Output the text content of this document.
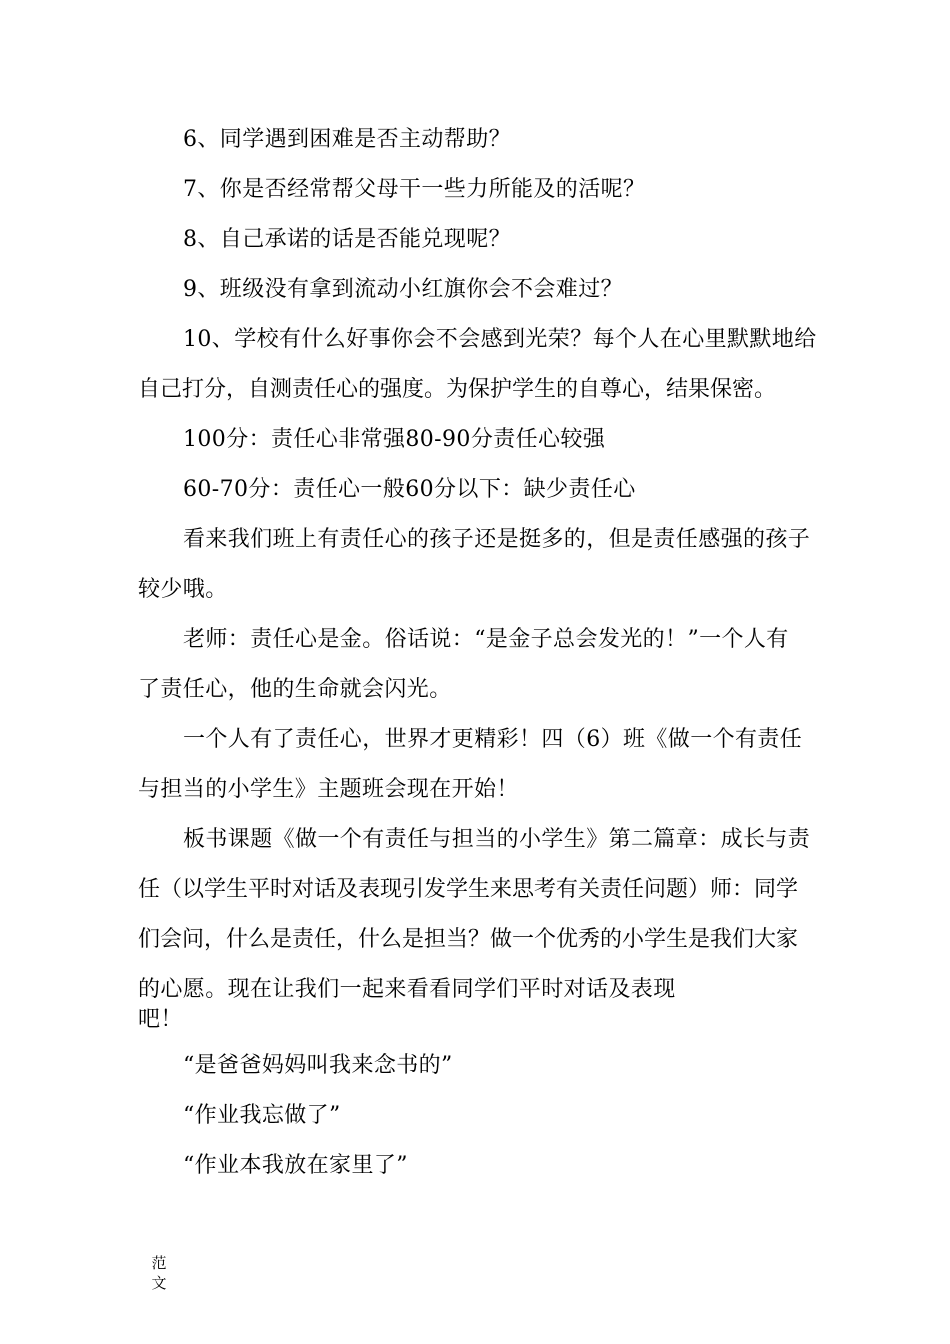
6、同学遇到困难是否主动帮助？
7、你是否经常帮父母干一些力所能及的活呢？
8、自己承诺的话是否能兑现呢？
9、班级没有拿到流动小红旗你会不会难过？
10、学校有什么好事你会不会感到光荣？每个人在心里默默地给
自己打分，自测责任心的强度。为保护学生的自尊心，结果保密。
100分：责任心非常强80-90分责任心较强
60-70分：责任心一般60分以下：缺少责任心
看来我们班上有责任心的孩子还是挺多的，但是责任感强的孩子
较少哦。
老师：责任心是金。俗话说：“是金子总会发光的！”一个人有
了责任心，他的生命就会闪光。
一个人有了责任心，世界才更精彩！四（6）班《做一个有责任
与担当的小学生》主题班会现在开始！
板书课题《做一个有责任与担当的小学生》第二篇章：成长与责
任（以学生平时对话及表现引发学生来思考有关责任问题）师：同学
们会问，什么是责任，什么是担当？做一个优秀的小学生是我们大家
的心愿。现在让我们一起来看看同学们平时对话及表现
吧！
“是爸爸妈妈叫我来念书的”
“作业我忘做了”
“作业本我放在家里了”
范
文
